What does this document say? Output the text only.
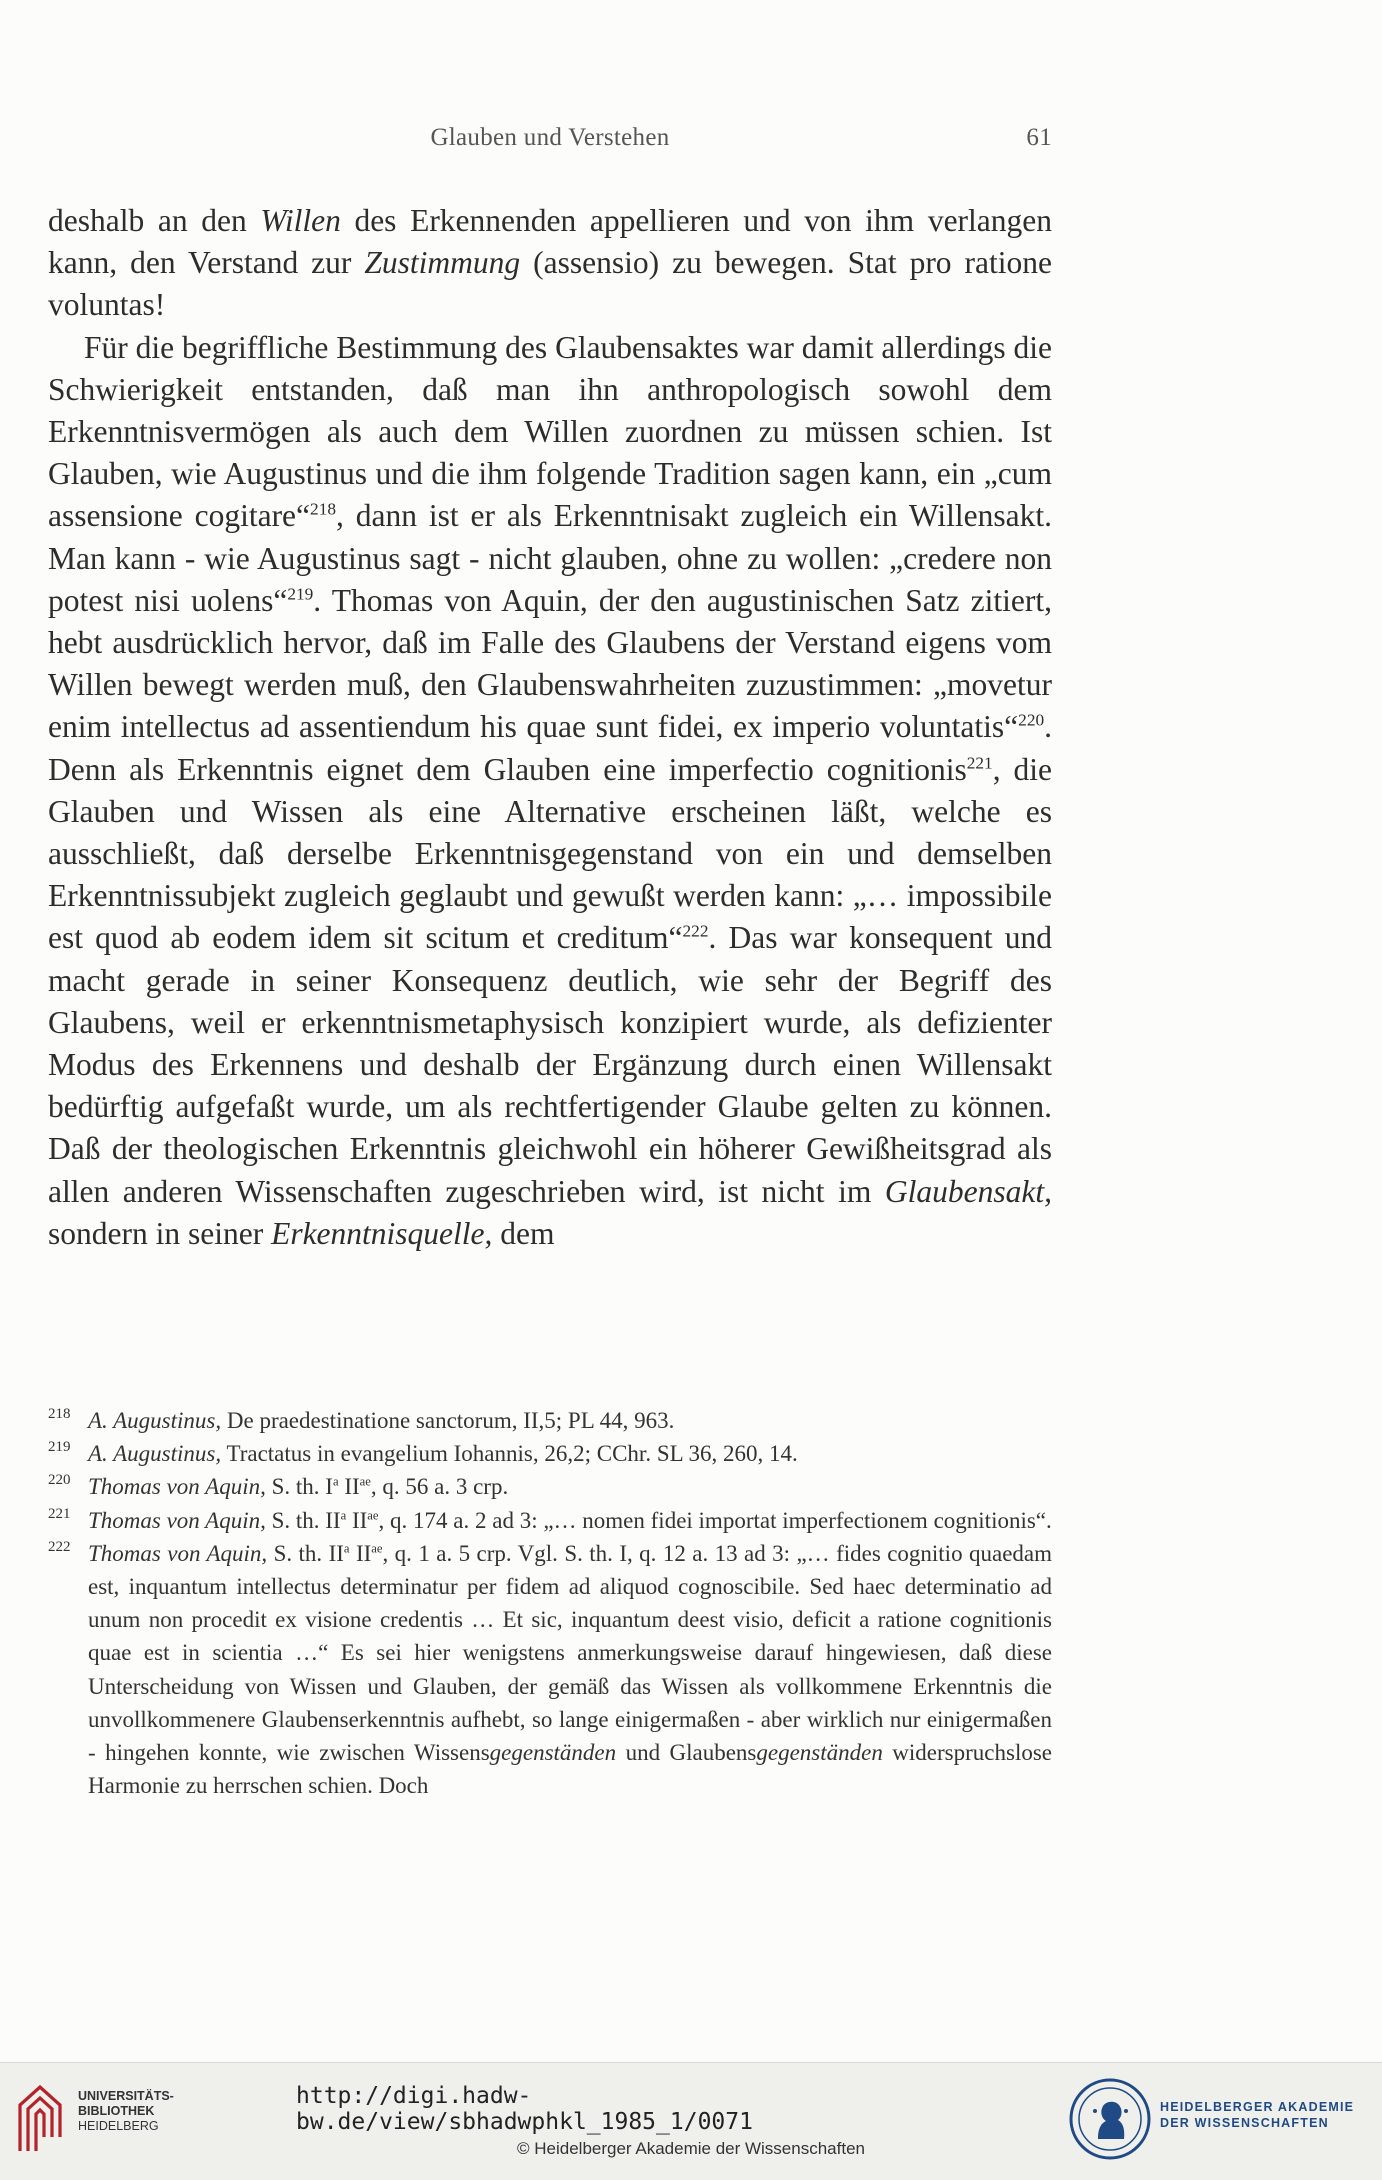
Glauben und Verstehen	61

deshalb an den Willen des Erkennenden appellieren und von ihm verlangen kann, den Verstand zur Zustimmung (assensio) zu bewegen. Stat pro ratione voluntas!

Für die begriffliche Bestimmung des Glaubensaktes war damit allerdings die Schwierigkeit entstanden, daß man ihn anthropologisch sowohl dem Erkenntnisvermögen als auch dem Willen zuordnen zu müssen schien. Ist Glauben, wie Augustinus und die ihm folgende Tradition sagen kann, ein „cum assensione cogitare“$^{218}$, dann ist er als Erkenntnisakt zugleich ein Willensakt. Man kann - wie Augustinus sagt - nicht glauben, ohne zu wollen: „credere non potest nisi uolens“$^{219}$. Thomas von Aquin, der den augustinischen Satz zitiert, hebt ausdrücklich hervor, daß im Falle des Glaubens der Verstand eigens vom Willen bewegt werden muß, den Glaubenswahrheiten zuzustimmen: „movetur enim intellectus ad assentiendum his quae sunt fidei, ex imperio voluntatis“$^{220}$. Denn als Erkenntnis eignet dem Glauben eine imperfectio cognitionis$^{221}$, die Glauben und Wissen als eine Alternative erscheinen läßt, welche es ausschließt, daß derselbe Erkenntnisgegenstand von ein und demselben Erkenntnissubjekt zugleich geglaubt und gewußt werden kann: „… impossibile est quod ab eodem idem sit scitum et creditum“$^{222}$. Das war konsequent und macht gerade in seiner Konsequenz deutlich, wie sehr der Begriff des Glaubens, weil er erkenntnismetaphysisch konzipiert wurde, als defizienter Modus des Erkennens und deshalb der Ergänzung durch einen Willensakt bedürftig aufgefaßt wurde, um als rechtfertigender Glaube gelten zu können. Daß der theologischen Erkenntnis gleichwohl ein höherer Gewißheitsgrad als allen anderen Wissenschaften zugeschrieben wird, ist nicht im Glaubensakt, sondern in seiner Erkenntnisquelle, dem

218 A. Augustinus, De praedestinatione sanctorum, II,5; PL 44, 963.

219 A. Augustinus, Tractatus in evangelium Iohannis, 26,2; CChr. SL 36, 260, 14.

220 Thomas von Aquin, S. th. $I^a$ $II^{ae}$, q. 56 a. 3 crp.

221 Thomas von Aquin, S. th. $II^a$ $II^{ae}$, q. 174 a. 2 ad 3: „… nomen fidei importat imperfectionem cognitionis“.

222 Thomas von Aquin, S. th. $II^a$ $II^{ae}$, q. 1 a. 5 crp. Vgl. S. th. I, q. 12 a. 13 ad 3: „… fides cognitio quaedam est, inquantum intellectus determinatur per fidem ad aliquod cognoscibile. Sed haec determinatio ad unum non procedit ex visione credentis … Et sic, inquantum deest visio, deficit a ratione cognitionis quae est in scientia …“ Es sei hier wenigstens anmerkungsweise darauf hingewiesen, daß diese Unterscheidung von Wissen und Glauben, der gemäß das Wissen als vollkommene Erkenntnis die unvollkommenere Glaubenserkenntnis aufhebt, so lange einigermaßen - aber wirklich nur einigermaßen - hingehen konnte, wie zwischen Wissensgegenständen und Glaubensgegenständen widerspruchslose Harmonie zu herrschen schien. Doch

UNIVERSITÄTS-
BIBLIOTHEK
HEIDELBERG
http://digi.hadw-bw.de/view/sbhadwphkl_1985_1/0071
© Heidelberger Akademie der Wissenschaften
HEIDELBERGER AKADEMIE
DER WISSENSCHAFTEN
